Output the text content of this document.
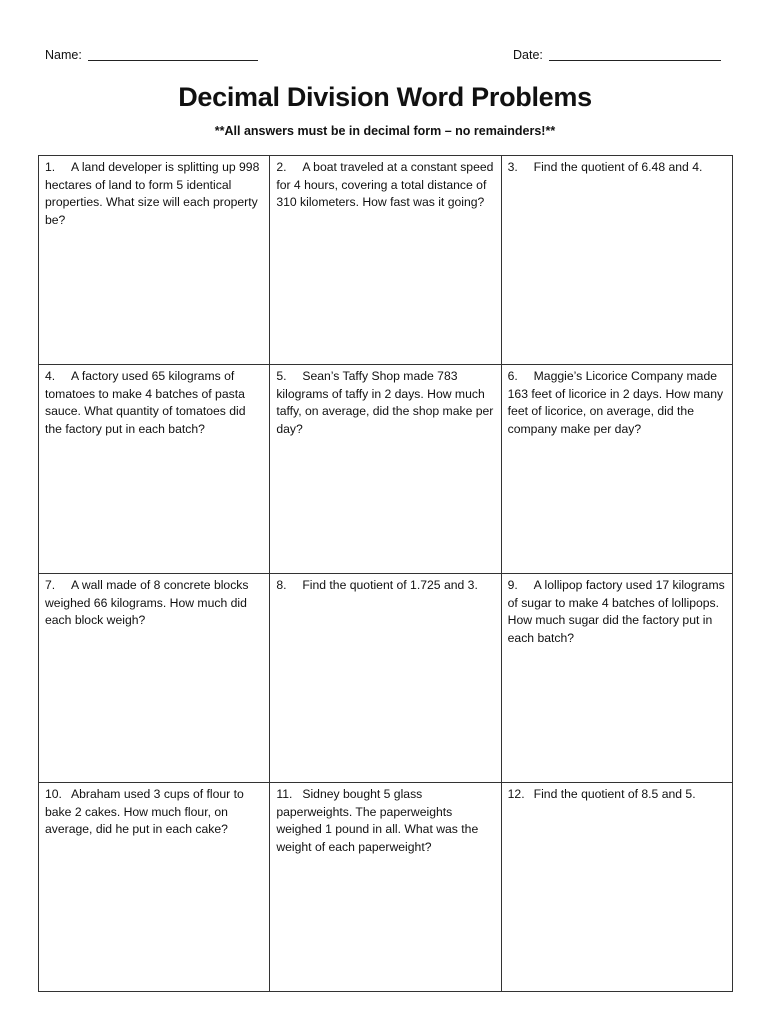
Name:	Date:
Decimal Division Word Problems
**All answers must be in decimal form – no remainders!**
1. A land developer is splitting up 998 hectares of land to form 5 identical properties. What size will each property be?	2. A boat traveled at a constant speed for 4 hours, covering a total distance of 310 kilometers. How fast was it going?	3. Find the quotient of 6.48 and 4.
4. A factory used 65 kilograms of tomatoes to make 4 batches of pasta sauce. What quantity of tomatoes did the factory put in each batch?	5. Sean’s Taffy Shop made 783 kilograms of taffy in 2 days. How much taffy, on average, did the shop make per day?	6. Maggie’s Licorice Company made 163 feet of licorice in 2 days. How many feet of licorice, on average, did the company make per day?
7. A wall made of 8 concrete blocks weighed 66 kilograms. How much did each block weigh?	8. Find the quotient of 1.725 and 3.	9. A lollipop factory used 17 kilograms of sugar to make 4 batches of lollipops. How much sugar did the factory put in each batch?
10. Abraham used 3 cups of flour to bake 2 cakes. How much flour, on average, did he put in each cake?	11. Sidney bought 5 glass paperweights. The paperweights weighed 1 pound in all. What was the weight of each paperweight?	12. Find the quotient of 8.5 and 5.
